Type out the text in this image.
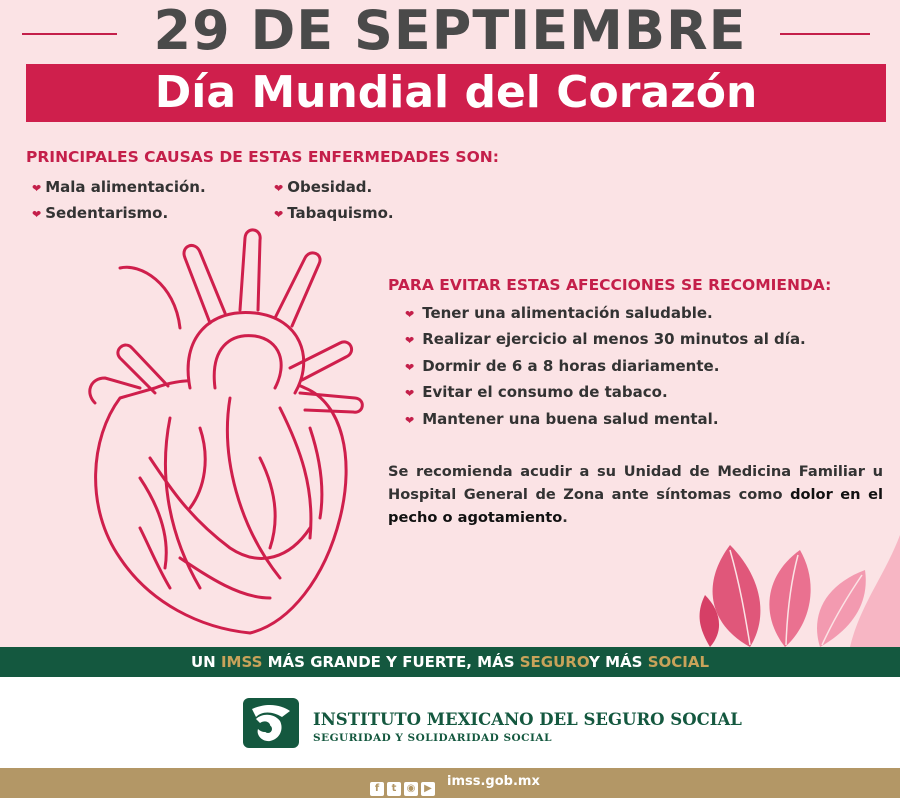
29 DE SEPTIEMBRE
Día Mundial del Corazón
PRINCIPALES CAUSAS DE ESTAS ENFERMEDADES SON:
❤ Mala alimentación.	❤ Obesidad.
❤ Sedentarismo.	❤ Tabaquismo.
PARA EVITAR ESTAS AFECCIONES SE RECOMIENDA:
❤ Tener una alimentación saludable.
❤ Realizar ejercicio al menos 30 minutos al día.
❤ Dormir de 6 a 8 horas diariamente.
❤ Evitar el consumo de tabaco.
❤ Mantener una buena salud mental.
Se recomienda acudir a su Unidad de Medicina Familiar u Hospital General de Zona ante síntomas como dolor en el pecho o agotamiento.
UN IMSS MÁS GRANDE Y FUERTE, MÁS SEGUROY MÁS SOCIAL
INSTITUTO MEXICANO DEL SEGURO SOCIAL
SEGURIDAD Y SOLIDARIDAD SOCIAL
f t ◉ ▶	imss.gob.mx
